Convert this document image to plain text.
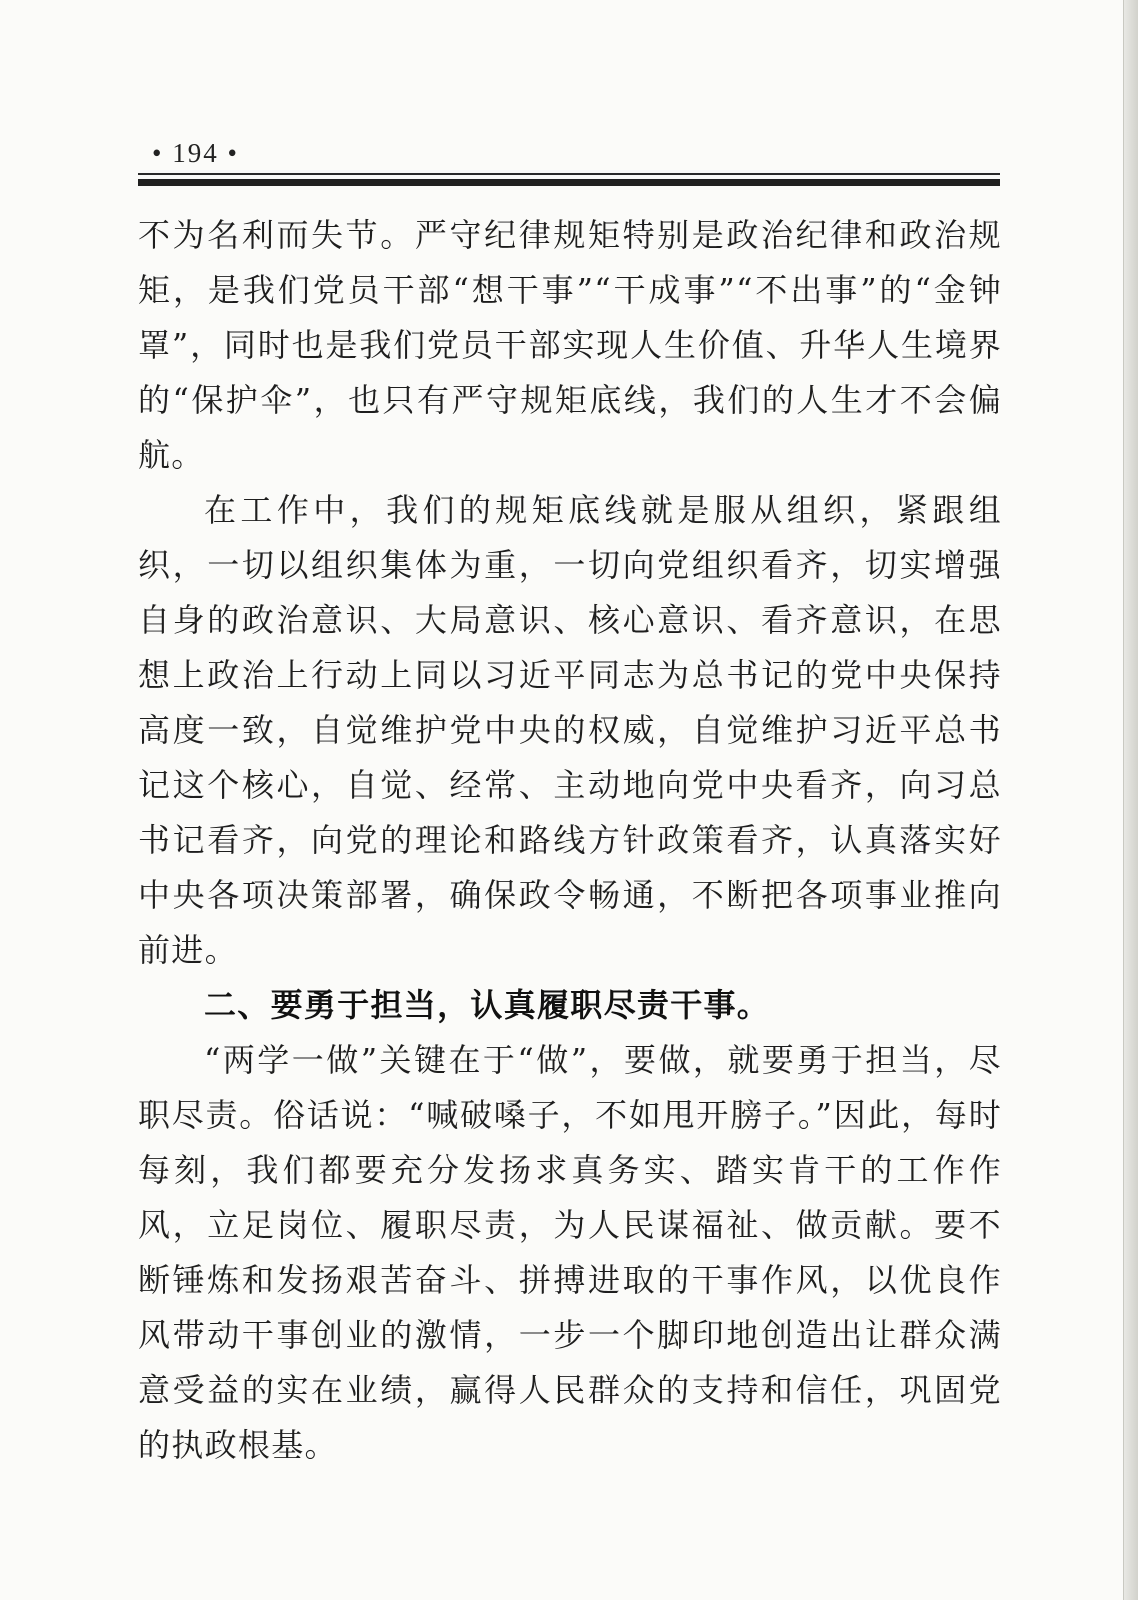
• 194 •

不为名利而失节。严守纪律规矩特别是政治纪律和政治规矩，是我们党员干部“想干事”“干成事”“不出事”的“金钟罩”，同时也是我们党员干部实现人生价值、升华人生境界的“保护伞”，也只有严守规矩底线，我们的人生才不会偏航。

在工作中，我们的规矩底线就是服从组织，紧跟组织，一切以组织集体为重，一切向党组织看齐，切实增强自身的政治意识、大局意识、核心意识、看齐意识，在思想上政治上行动上同以习近平同志为总书记的党中央保持高度一致，自觉维护党中央的权威，自觉维护习近平总书记这个核心，自觉、经常、主动地向党中央看齐，向习总书记看齐，向党的理论和路线方针政策看齐，认真落实好中央各项决策部署，确保政令畅通，不断把各项事业推向前进。

二、要勇于担当，认真履职尽责干事。

“两学一做”关键在于“做”，要做，就要勇于担当，尽职尽责。俗话说：“喊破嗓子，不如甩开膀子。”因此，每时每刻，我们都要充分发扬求真务实、踏实肯干的工作作风，立足岗位、履职尽责，为人民谋福祉、做贡献。要不断锤炼和发扬艰苦奋斗、拼搏进取的干事作风，以优良作风带动干事创业的激情，一步一个脚印地创造出让群众满意受益的实在业绩，赢得人民群众的支持和信任，巩固党的执政根基。
